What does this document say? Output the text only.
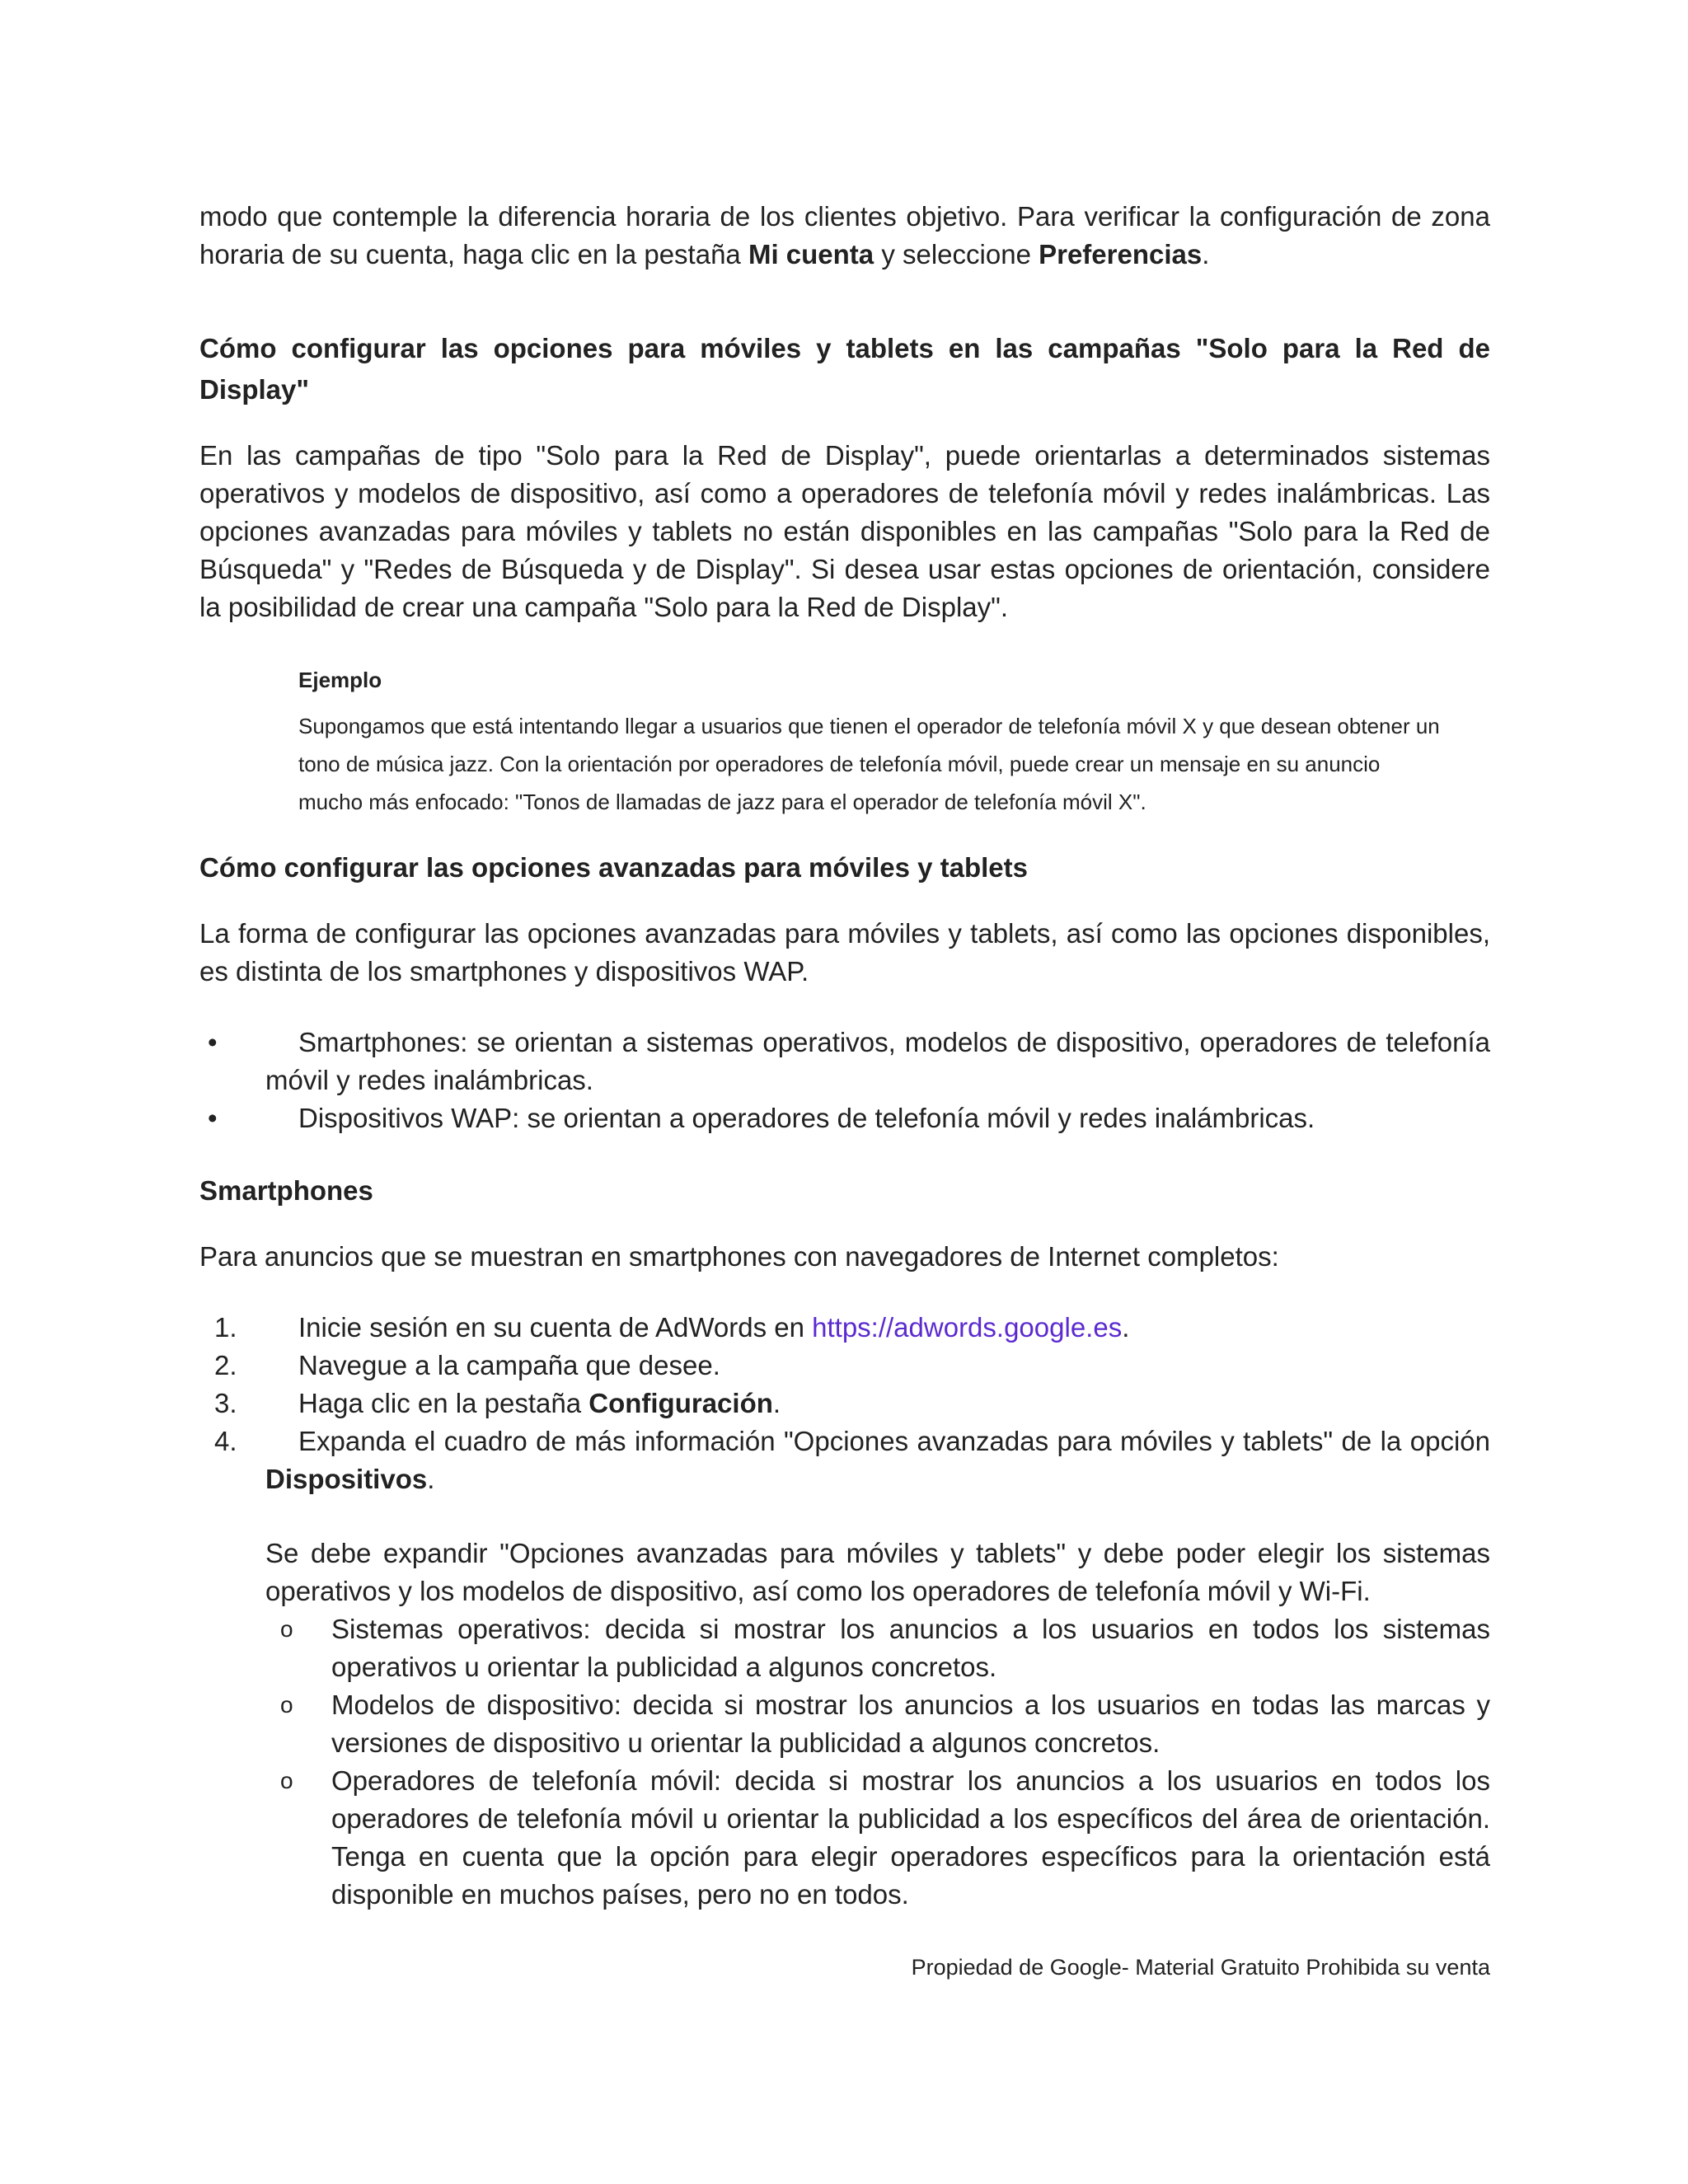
modo que contemple la diferencia horaria de los clientes objetivo. Para verificar la configuración de zona horaria de su cuenta, haga clic en la pestaña Mi cuenta y seleccione Preferencias.

Cómo configurar las opciones para móviles y tablets en las campañas "Solo para la Red de Display"

En las campañas de tipo "Solo para la Red de Display", puede orientarlas a determinados sistemas operativos y modelos de dispositivo, así como a operadores de telefonía móvil y redes inalámbricas. Las opciones avanzadas para móviles y tablets no están disponibles en las campañas "Solo para la Red de Búsqueda" y "Redes de Búsqueda y de Display". Si desea usar estas opciones de orientación, considere la posibilidad de crear una campaña "Solo para la Red de Display".

Ejemplo

Supongamos que está intentando llegar a usuarios que tienen el operador de telefonía móvil X y que desean obtener un tono de música jazz. Con la orientación por operadores de telefonía móvil, puede crear un mensaje en su anuncio mucho más enfocado: "Tonos de llamadas de jazz para el operador de telefonía móvil X".

Cómo configurar las opciones avanzadas para móviles y tablets

La forma de configurar las opciones avanzadas para móviles y tablets, así como las opciones disponibles, es distinta de los smartphones y dispositivos WAP.

•	Smartphones: se orientan a sistemas operativos, modelos de dispositivo, operadores de telefonía móvil y redes inalámbricas.
•	Dispositivos WAP: se orientan a operadores de telefonía móvil y redes inalámbricas.
Smartphones

Para anuncios que se muestran en smartphones con navegadores de Internet completos:

1. Inicie sesión en su cuenta de AdWords en https://adwords.google.es.
2. Navegue a la campaña que desee.
3. Haga clic en la pestaña Configuración.
4. Expanda el cuadro de más información "Opciones avanzadas para móviles y tablets" de la opción Dispositivos.

Se debe expandir "Opciones avanzadas para móviles y tablets" y debe poder elegir los sistemas operativos y los modelos de dispositivo, así como los operadores de telefonía móvil y Wi-Fi.

o Sistemas operativos: decida si mostrar los anuncios a los usuarios en todos los sistemas operativos u orientar la publicidad a algunos concretos.
o Modelos de dispositivo: decida si mostrar los anuncios a los usuarios en todas las marcas y versiones de dispositivo u orientar la publicidad a algunos concretos.
o Operadores de telefonía móvil: decida si mostrar los anuncios a los usuarios en todos los operadores de telefonía móvil u orientar la publicidad a los específicos del área de orientación. Tenga en cuenta que la opción para elegir operadores específicos para la orientación está disponible en muchos países, pero no en todos.
Propiedad de Google- Material Gratuito Prohibida su venta
